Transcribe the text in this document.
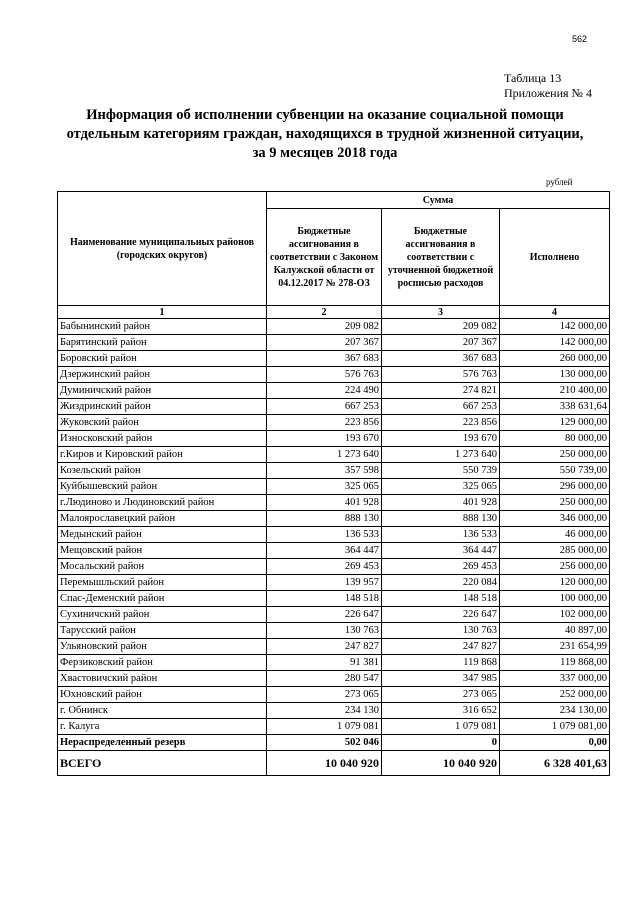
562
Таблица 13
Приложения № 4
Информация об исполнении субвенции на оказание социальной помощи
отдельным категориям граждан, находящихся в трудной жизненной ситуации,
за 9 месяцев 2018 года
рублей
Наименование муниципальных районов (городских округов)	Сумма		
	Бюджетные ассигнования в соответствии с Законом Калужской области от 04.12.2017 № 278-ОЗ	Бюджетные ассигнования в соответствии с уточненной бюджетной росписью расходов	Исполнено
1	2	3	4
Бабынинский район	209 082	209 082	142 000,00
Барятинский район	207 367	207 367	142 000,00
Боровский район	367 683	367 683	260 000,00
Дзержинский район	576 763	576 763	130 000,00
Думиничский район	224 490	274 821	210 400,00
Жиздринский район	667 253	667 253	338 631,64
Жуковский район	223 856	223 856	129 000,00
Износковский район	193 670	193 670	80 000,00
г.Киров и Кировский район	1 273 640	1 273 640	250 000,00
Козельский район	357 598	550 739	550 739,00
Куйбышевский район	325 065	325 065	296 000,00
г.Людиново и Людиновский район	401 928	401 928	250 000,00
Малоярославецкий район	888 130	888 130	346 000,00
Медынский район	136 533	136 533	46 000,00
Мещовский район	364 447	364 447	285 000,00
Мосальский район	269 453	269 453	256 000,00
Перемышльский район	139 957	220 084	120 000,00
Спас-Деменский район	148 518	148 518	100 000,00
Сухиничский район	226 647	226 647	102 000,00
Тарусский район	130 763	130 763	40 897,00
Ульяновский район	247 827	247 827	231 654,99
Ферзиковский район	91 381	119 868	119 868,00
Хвастовичский район	280 547	347 985	337 000,00
Юхновский район	273 065	273 065	252 000,00
г. Обнинск	234 130	316 652	234 130,00
г. Калуга	1 079 081	1 079 081	1 079 081,00
Нераспределенный резерв	502 046	0	0,00
ВСЕГО	10 040 920	10 040 920	6 328 401,63
